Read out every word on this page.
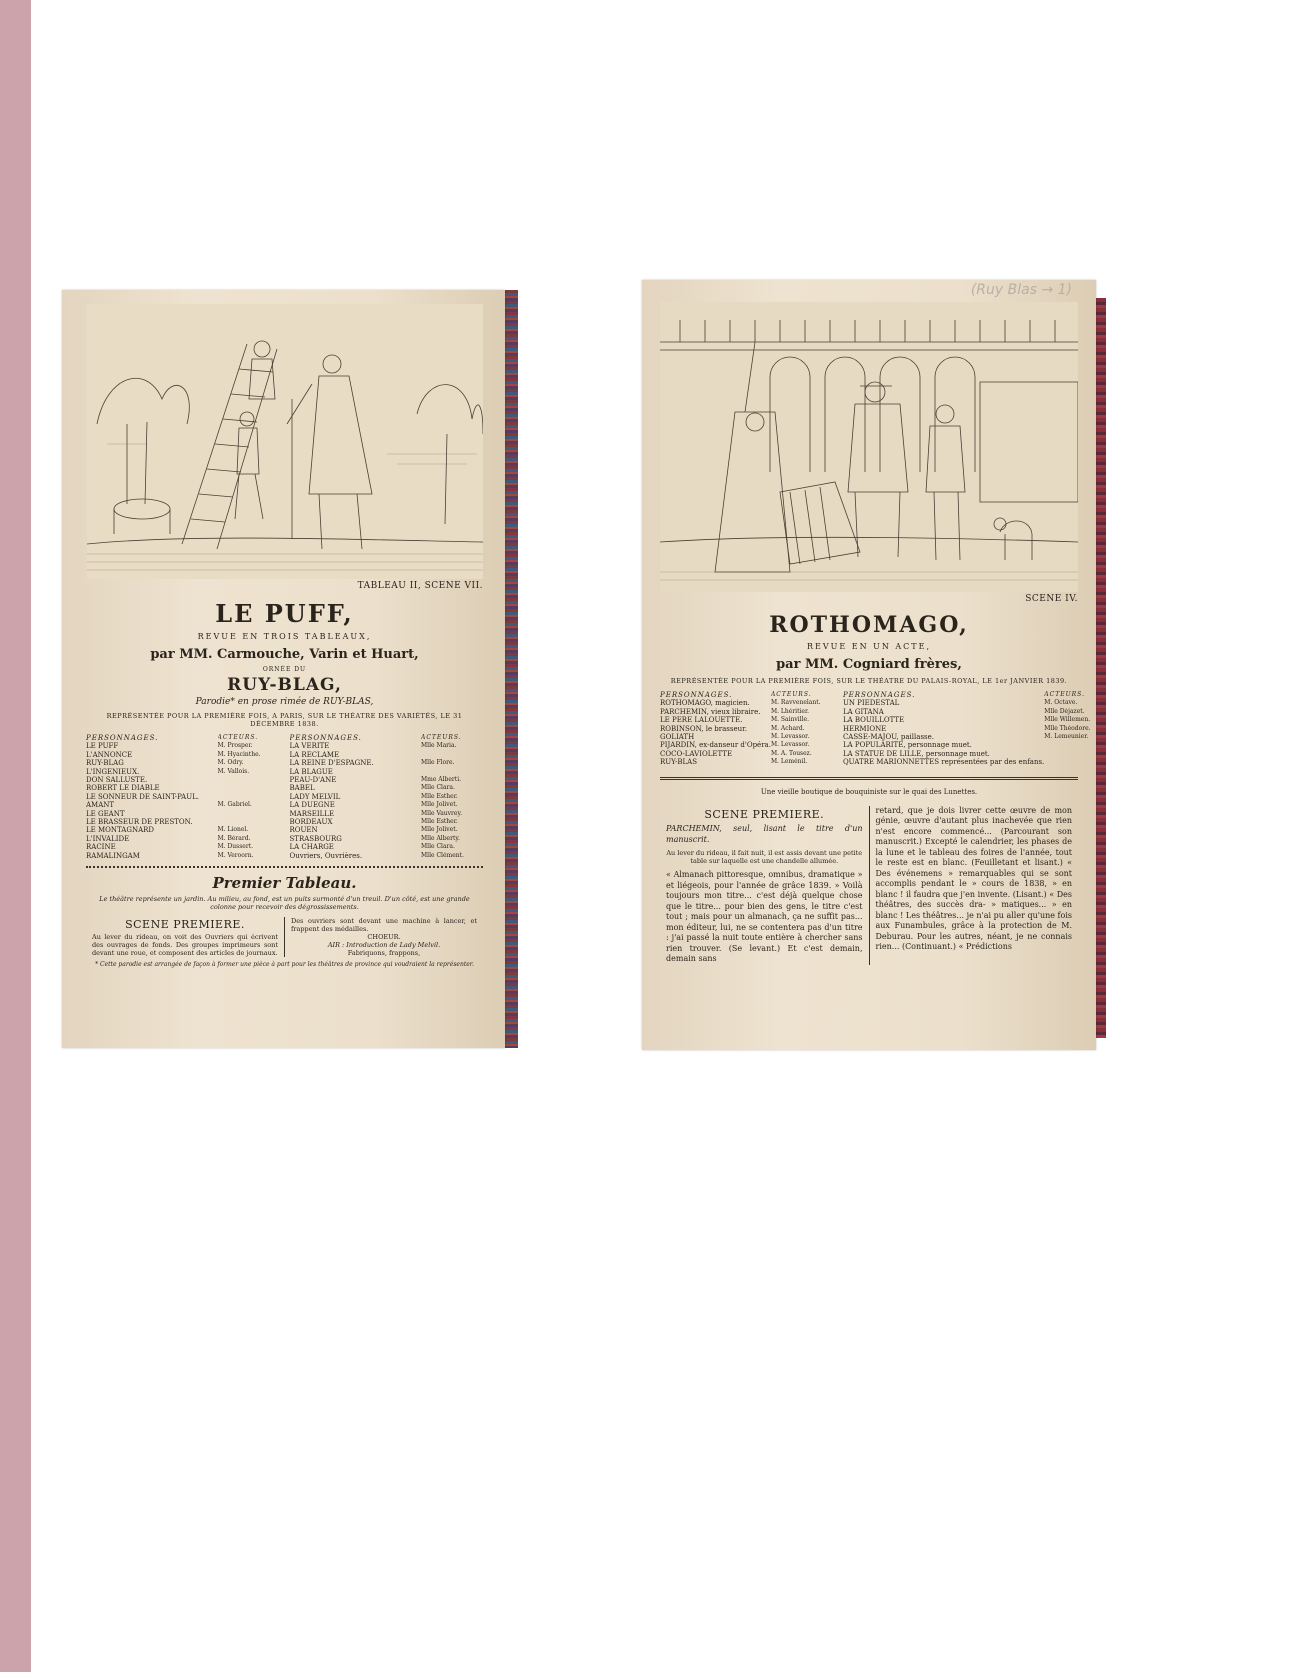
TABLEAU II, SCENE VII.
LE PUFF,
REVUE EN TROIS TABLEAUX,
par MM. Carmouche, Varin et Huart,
ORNÉE DU
RUY-BLAG,
Parodie* en prose rimée de RUY-BLAS,
REPRÉSENTÉE POUR LA PREMIÈRE FOIS, A PARIS, SUR LE THÉATRE DES VARIÉTÉS, LE 31 DÉCEMBRE 1838.
PERSONNAGES.	ACTEURS.
LE PUFF	M. Prosper.
L'ANNONCE	M. Hyacinthe.
RUY-BLAG	M. Odry.
L'INGÉNIEUX.	M. Vallois.
DON SALLUSTE.
ROBERT LE DIABLE
LE SONNEUR DE SAINT-PAUL.
AMANT	M. Gabriel.
LE GÉANT
LE BRASSEUR DE PRESTON.
LE MONTAGNARD	M. Lionel.
L'INVALIDE	M. Bérard.
RACINE	M. Dussert.
RAMALINGAM	M. Veroorn.
PERSONNAGES.	ACTEURS.
LA VÉRITÉ	Mlle Maria.
LA RÉCLAME
LA REINE D'ESPAGNE.	Mlle Flore.
LA BLAGUE
PEAU-D'ANE	Mme Alberti.
BABEL	Mlle Clara.
LADY MELVIL	Mlle Esther.
LA DUÈGNE	Mlle Jolivet.
MARSEILLE	Mlle Vauvrey.
BORDEAUX	Mlle Esther.
ROUEN	Mlle Jolivet.
STRASBOURG	Mlle Alberty.
LA CHARGE	Mlle Clara.
Ouvriers, Ouvrières.	Mlle Clément.
Premier Tableau.
Le théâtre représente un jardin. Au milieu, au fond, est un puits surmonté d'un treuil. D'un côté, est une grande colonne pour recevoir des dégrossissements.
SCENE PREMIERE.
Au lever du rideau, on voit des Ouvriers qui écrivent des ouvrages de fonds. Des groupes imprimeurs sont devant une roue, et composent des articles de journaux.
Des ouvriers sont devant une machine à lancer, et frappent des médailles.
CHOEUR.
AIR : Introduction de Lady Melvil.
Fabriquons, frappons,
* Cette parodie est arrangée de façon à former une pièce à part pour les théâtres de province qui voudraient la représenter.
(Ruy Blas → 1)
SCENE IV.
ROTHOMAGO,
REVUE EN UN ACTE,
par MM. Cogniard frères,
REPRÉSENTÉE POUR LA PREMIÈRE FOIS, SUR LE THÉATRE DU PALAIS-ROYAL, LE 1er JANVIER 1839.
PERSONNAGES.	ACTEURS.
ROTHOMAGO, magicien.	M. Ravvenelant.
PARCHEMIN, vieux libraire.	M. Lhéritier.
LE PÈRE LALOUETTE.	M. Sainville.
ROBINSON, le brasseur.	M. Achard.
GOLIATH	M. Levassor.
PIJARDIN, ex-danseur d'Opéra. M. Levassor.
COCO-LAVIOLETTE	M. A. Tousez.
RUY-BLAS	M. Leménil.
PERSONNAGES.	ACTEURS.
UN PIÉDESTAL	M. Octave.
LA GITANA	Mlle Déjazet.
LA BOUILLOTTE	Mlle Willemen.
HERMIONE	Mlle Théodore.
CASSE-MAJOU, paillasse.	M. Lemeunier.
LA POPULARITÉ, personnage muet.
LA STATUE DE LILLE, personnage muet.
QUATRE MARIONNETTES représentées par des enfans.
Une vieille boutique de bouquiniste sur le quai des Lunettes.
SCENE PREMIERE.
PARCHEMIN, seul, lisant le titre d'un manuscrit.
Au lever du rideau, il fait nuit, il est assis devant une petite table sur laquelle est une chandelle allumée.
« Almanach pittoresque, omnibus, dramatique » et liégeois, pour l'année de grâce 1839. » Voilà toujours mon titre... c'est déjà quelque chose que le titre... pour bien des gens, le titre c'est tout ; mais pour un almanach, ça ne suffit pas... mon éditeur, lui, ne se contentera pas d'un titre : j'ai passé la nuit toute entière à chercher sans rien trouver. (Se levant.) Et c'est demain, demain sans
retard, que je dois livrer cette œuvre de mon génie, œuvre d'autant plus inachevée que rien n'est encore commencé... (Parcourant son manuscrit.) Excepté le calendrier, les phases de la lune et le tableau des foires de l'année, tout le reste est en blanc. (Feuilletant et lisant.) « Des événemens » remarquables qui se sont accomplis pendant le » cours de 1838, » en blanc ! il faudra que j'en invente. (Lisant.) « Des théâtres, des succès dra- » matiques... » en blanc ! Les théâtres... je n'ai pu aller qu'une fois aux Funambules, grâce à la protection de M. Deburau. Pour les autres, néant, je ne connais rien... (Continuant.) « Prédictions
